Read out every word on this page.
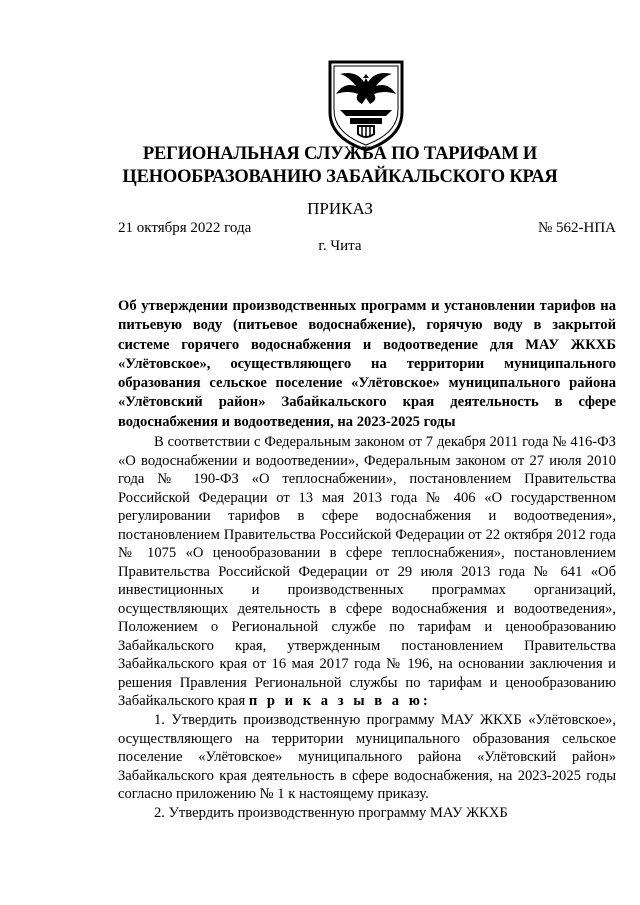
РЕГИОНАЛЬНАЯ СЛУЖБА ПО ТАРИФАМ И
ЦЕНООБРАЗОВАНИЮ ЗАБАЙКАЛЬСКОГО КРАЯ
ПРИКАЗ
21 октября 2022 года	№ 562-НПА
г. Чита
Об утверждении производственных программ и установлении тарифов на питьевую воду (питьевое водоснабжение), горячую воду в закрытой системе горячего водоснабжения и водоотведение для МАУ ЖКХБ «Улётовское», осуществляющего на территории муниципального образования сельское поселение «Улётовское» муниципального района «Улётовский район» Забайкальского края деятельность в сфере водоснабжения и водоотведения, на 2023-2025 годы

В соответствии с Федеральным законом от 7 декабря 2011 года № 416-ФЗ «О водоснабжении и водоотведении», Федеральным законом от 27 июля 2010 года № 190-ФЗ «О теплоснабжении», постановлением Правительства Российской Федерации от 13 мая 2013 года № 406 «О государственном регулировании тарифов в сфере водоснабжения и водоотведения», постановлением Правительства Российской Федерации от 22 октября 2012 года № 1075 «О ценообразовании в сфере теплоснабжения», постановлением Правительства Российской Федерации от 29 июля 2013 года № 641 «Об инвестиционных и производственных программах организаций, осуществляющих деятельность в сфере водоснабжения и водоотведения», Положением о Региональной службе по тарифам и ценообразованию Забайкальского края, утвержденным постановлением Правительства Забайкальского края от 16 мая 2017 года № 196, на основании заключения и решения Правления Региональной службы по тарифам и ценообразованию Забайкальского края п р и к а з ы в а ю:

1. Утвердить производственную программу МАУ ЖКХБ «Улётовское», осуществляющего на территории муниципального образования сельское поселение «Улётовское» муниципального района «Улётовский район» Забайкальского края деятельность в сфере водоснабжения, на 2023-2025 годы согласно приложению № 1 к настоящему приказу.

2. Утвердить производственную программу МАУ ЖКХБ
